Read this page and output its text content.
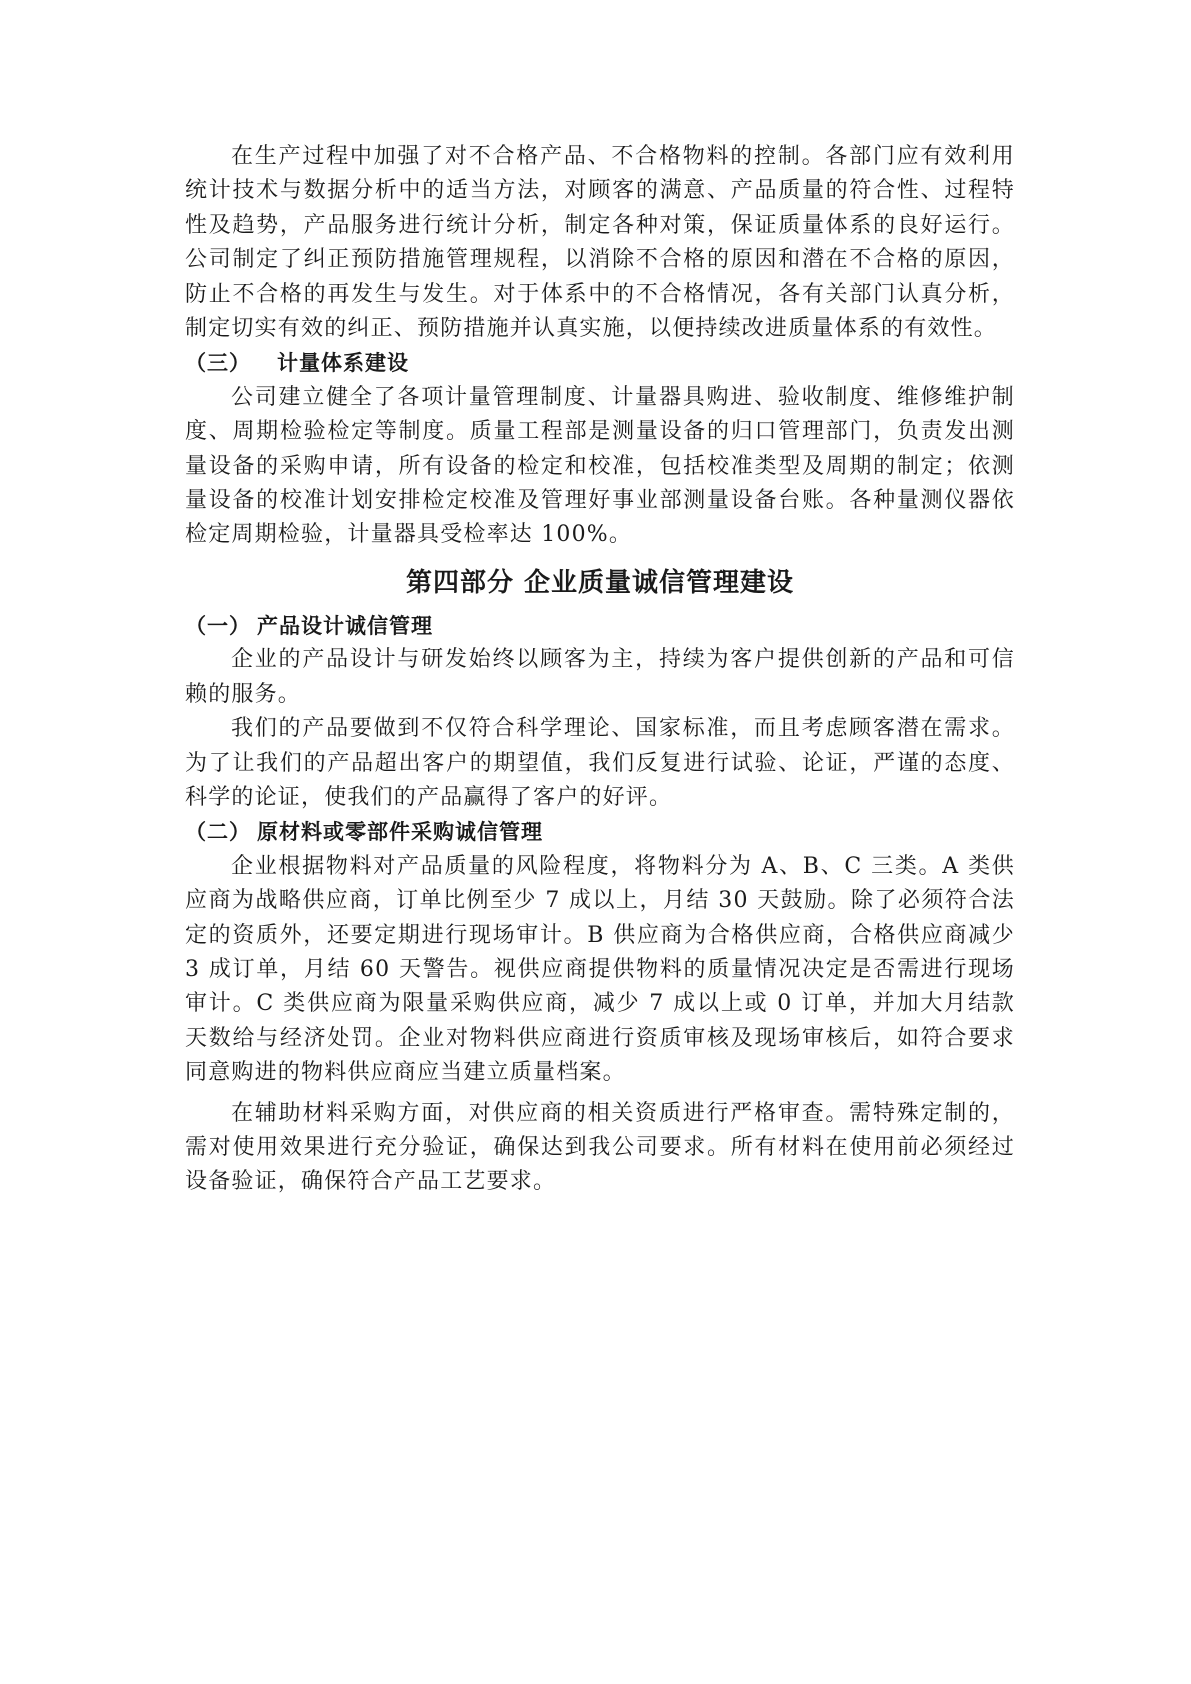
在生产过程中加强了对不合格产品、不合格物料的控制。各部门应有效利用统计技术与数据分析中的适当方法，对顾客的满意、产品质量的符合性、过程特性及趋势，产品服务进行统计分析，制定各种对策，保证质量体系的良好运行。公司制定了纠正预防措施管理规程，以消除不合格的原因和潜在不合格的原因，防止不合格的再发生与发生。对于体系中的不合格情况，各有关部门认真分析，制定切实有效的纠正、预防措施并认真实施，以便持续改进质量体系的有效性。

（三） 计量体系建设

公司建立健全了各项计量管理制度、计量器具购进、验收制度、维修维护制度、周期检验检定等制度。质量工程部是测量设备的归口管理部门，负责发出测量设备的采购申请，所有设备的检定和校准，包括校准类型及周期的制定；依测量设备的校准计划安排检定校准及管理好事业部测量设备台账。各种量测仪器依检定周期检验，计量器具受检率达 100%。

第四部分 企业质量诚信管理建设
（一） 产品设计诚信管理

企业的产品设计与研发始终以顾客为主，持续为客户提供创新的产品和可信赖的服务。

我们的产品要做到不仅符合科学理论、国家标准，而且考虑顾客潜在需求。为了让我们的产品超出客户的期望值，我们反复进行试验、论证，严谨的态度、科学的论证，使我们的产品赢得了客户的好评。

（二） 原材料或零部件采购诚信管理

企业根据物料对产品质量的风险程度，将物料分为 A、B、C 三类。A 类供应商为战略供应商，订单比例至少 7 成以上，月结 30 天鼓励。除了必须符合法定的资质外，还要定期进行现场审计。B 供应商为合格供应商，合格供应商减少 3 成订单，月结 60 天警告。视供应商提供物料的质量情况决定是否需进行现场审计。C 类供应商为限量采购供应商，减少 7 成以上或 0 订单，并加大月结款天数给与经济处罚。企业对物料供应商进行资质审核及现场审核后，如符合要求同意购进的物料供应商应当建立质量档案。

在辅助材料采购方面，对供应商的相关资质进行严格审查。需特殊定制的，需对使用效果进行充分验证，确保达到我公司要求。所有材料在使用前必须经过设备验证，确保符合产品工艺要求。
